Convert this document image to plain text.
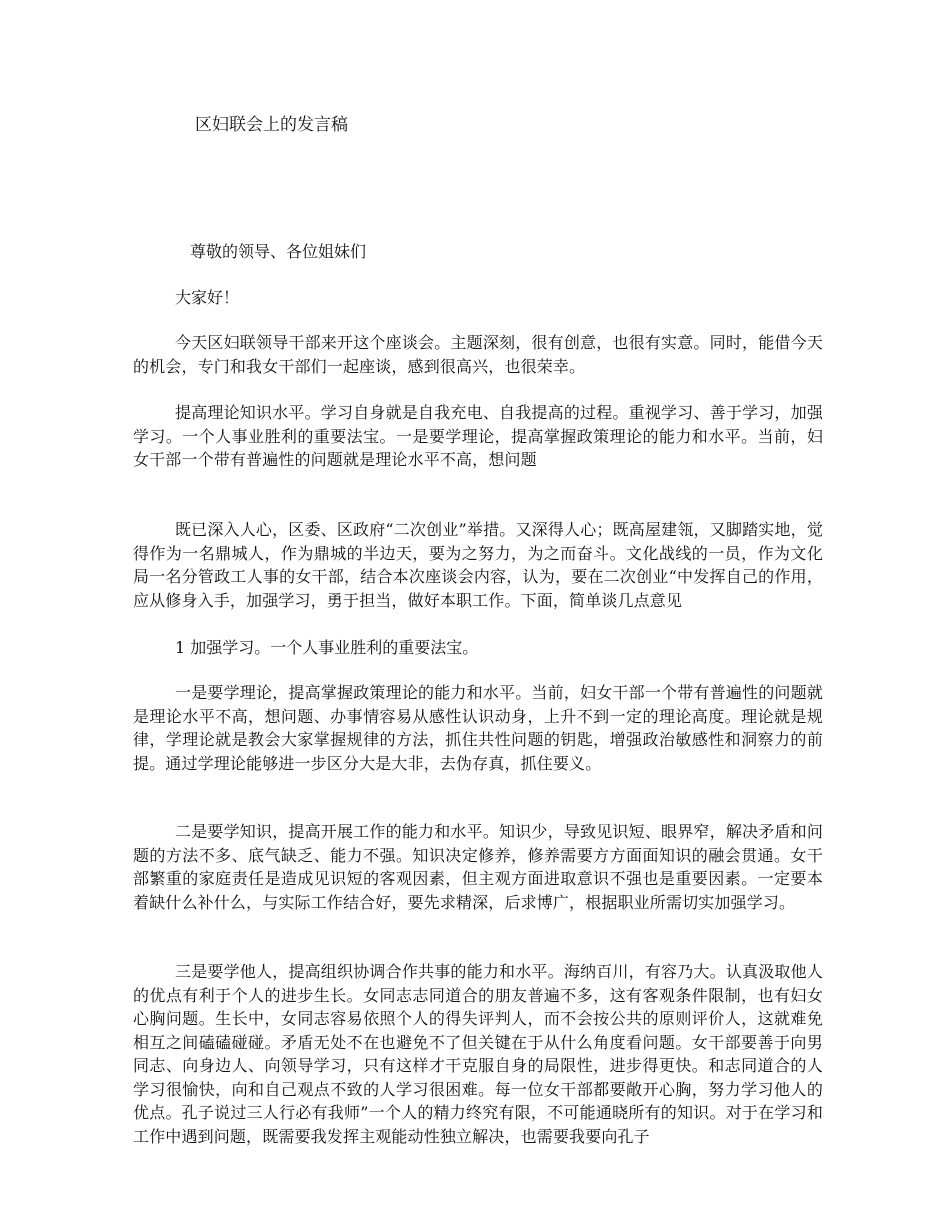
区妇联会上的发言稿

尊敬的领导、各位姐妹们

大家好！

今天区妇联领导干部来开这个座谈会。主题深刻，很有创意，也很有实意。同时，能借今天的机会，专门和我女干部们一起座谈，感到很高兴，也很荣幸。

提高理论知识水平。学习自身就是自我充电、自我提高的过程。重视学习、善于学习，加强学习。一个人事业胜利的重要法宝。一是要学理论，提高掌握政策理论的能力和水平。当前，妇女干部一个带有普遍性的问题就是理论水平不高，想问题

既已深入人心，区委、区政府“二次创业”举措。又深得人心；既高屋建瓴，又脚踏实地，觉得作为一名鼎城人，作为鼎城的半边天，要为之努力，为之而奋斗。文化战线的一员，作为文化局一名分管政工人事的女干部，结合本次座谈会内容，认为，要在二次创业“中发挥自己的作用，应从修身入手，加强学习，勇于担当，做好本职工作。下面，简单谈几点意见

1 加强学习。一个人事业胜利的重要法宝。

一是要学理论，提高掌握政策理论的能力和水平。当前，妇女干部一个带有普遍性的问题就是理论水平不高，想问题、办事情容易从感性认识动身，上升不到一定的理论高度。理论就是规律，学理论就是教会大家掌握规律的方法，抓住共性问题的钥匙，增强政治敏感性和洞察力的前提。通过学理论能够进一步区分大是大非，去伪存真，抓住要义。

二是要学知识，提高开展工作的能力和水平。知识少，导致见识短、眼界窄，解决矛盾和问题的方法不多、底气缺乏、能力不强。知识决定修养，修养需要方方面面知识的融会贯通。女干部繁重的家庭责任是造成见识短的客观因素，但主观方面进取意识不强也是重要因素。一定要本着缺什么补什么，与实际工作结合好，要先求精深，后求博广，根据职业所需切实加强学习。

三是要学他人，提高组织协调合作共事的能力和水平。海纳百川，有容乃大。认真汲取他人的优点有利于个人的进步生长。女同志志同道合的朋友普遍不多，这有客观条件限制，也有妇女心胸问题。生长中，女同志容易依照个人的得失评判人，而不会按公共的原则评价人，这就难免相互之间磕磕碰碰。矛盾无处不在也避免不了但关键在于从什么角度看问题。女干部要善于向男同志、向身边人、向领导学习，只有这样才干克服自身的局限性，进步得更快。和志同道合的人学习很愉快，向和自己观点不致的人学习很困难。每一位女干部都要敞开心胸，努力学习他人的优点。孔子说过三人行必有我师”一个人的精力终究有限，不可能通晓所有的知识。对于在学习和工作中遇到问题，既需要我发挥主观能动性独立解决，也需要我要向孔子
